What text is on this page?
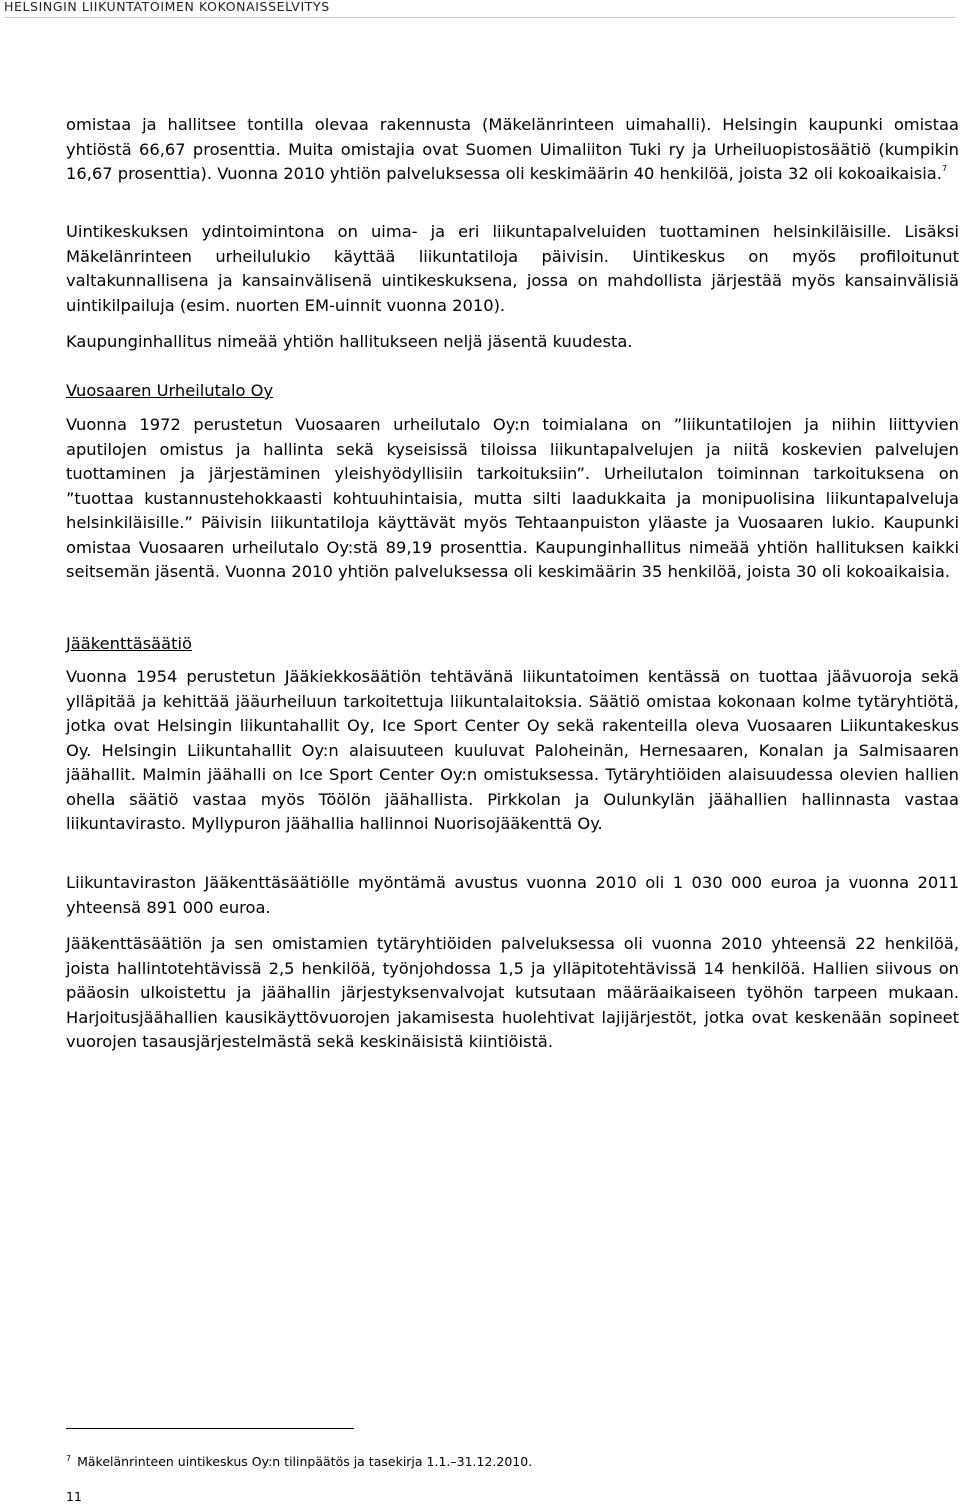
HELSINGIN LIIKUNTATOIMEN KOKONAISSELVITYS

omistaa ja hallitsee tontilla olevaa rakennusta (Mäkelänrinteen uimahalli). Helsingin kaupunki omistaa yhtiöstä 66,67 prosenttia. Muita omistajia ovat Suomen Uimaliiton Tuki ry ja Urheiluopistosäätiö (kumpikin 16,67 prosenttia). Vuonna 2010 yhtiön palveluksessa oli keskimäärin 40 henkilöä, joista 32 oli kokoaikaisia.$^7$

Uintikeskuksen ydintoimintona on uima- ja eri liikuntapalveluiden tuottaminen helsinkiläisille. Lisäksi Mäkelänrinteen urheilulukio käyttää liikuntatiloja päivisin. Uintikeskus on myös profiloitunut valtakunnallisena ja kansainvälisenä uintikeskuksena, jossa on mahdollista järjestää myös kansainvälisiä uintikilpailuja (esim. nuorten EM-uinnit vuonna 2010).

Kaupunginhallitus nimeää yhtiön hallitukseen neljä jäsentä kuudesta.

Vuosaaren Urheilutalo Oy

Vuonna 1972 perustetun Vuosaaren urheilutalo Oy:n toimialana on ”liikuntatilojen ja niihin liittyvien aputilojen omistus ja hallinta sekä kyseisissä tiloissa liikuntapalvelujen ja niitä koskevien palvelujen tuottaminen ja järjestäminen yleishyödyllisiin tarkoituksiin”. Urheilutalon toiminnan tarkoituksena on ”tuottaa kustannustehokkaasti kohtuuhintaisia, mutta silti laadukkaita ja monipuolisina liikuntapalveluja helsinkiläisille.” Päivisin liikuntatiloja käyttävät myös Tehtaanpuiston yläaste ja Vuosaaren lukio. Kaupunki omistaa Vuosaaren urheilutalo Oy:stä 89,19 prosenttia. Kaupunginhallitus nimeää yhtiön hallituksen kaikki seitsemän jäsentä. Vuonna 2010 yhtiön palveluksessa oli keskimäärin 35 henkilöä, joista 30 oli kokoaikaisia.

Jääkenttäsäätiö

Vuonna 1954 perustetun Jääkiekkosäätiön tehtävänä liikuntatoimen kentässä on tuottaa jäävuoroja sekä ylläpitää ja kehittää jääurheiluun tarkoitettuja liikuntalaitoksia. Säätiö omistaa kokonaan kolme tytäryhtiötä, jotka ovat Helsingin liikuntahallit Oy, Ice Sport Center Oy sekä rakenteilla oleva Vuosaaren Liikuntakeskus Oy. Helsingin Liikuntahallit Oy:n alaisuuteen kuuluvat Paloheinän, Hernesaaren, Konalan ja Salmisaaren jäähallit. Malmin jäähalli on Ice Sport Center Oy:n omistuksessa. Tytäryhtiöiden alaisuudessa olevien hallien ohella säätiö vastaa myös Töölön jäähallista. Pirkkolan ja Oulunkylän jäähallien hallinnasta vastaa liikuntavirasto. Myllypuron jäähallia hallinnoi Nuorisojääkenttä Oy.

Liikuntaviraston Jääkenttäsäätiölle myöntämä avustus vuonna 2010 oli 1 030 000 euroa ja vuonna 2011 yhteensä 891 000 euroa.

Jääkenttäsäätiön ja sen omistamien tytäryhtiöiden palveluksessa oli vuonna 2010 yhteensä 22 henkilöä, joista hallintotehtävissä 2,5 henkilöä, työnjohdossa 1,5 ja ylläpitotehtävissä 14 henkilöä. Hallien siivous on pääosin ulkoistettu ja jäähallin järjestyksenvalvojat kutsutaan määräaikaiseen työhön tarpeen mukaan. Harjoitusjäähallien kausikäyttövuorojen jakamisesta huolehtivat lajijärjestöt, jotka ovat keskenään sopineet vuorojen tasausjärjestelmästä sekä keskinäisistä kiintiöistä.

$^7$ Mäkelänrinteen uintikeskus Oy:n tilinpäätös ja tasekirja 1.1.–31.12.2010.

11
